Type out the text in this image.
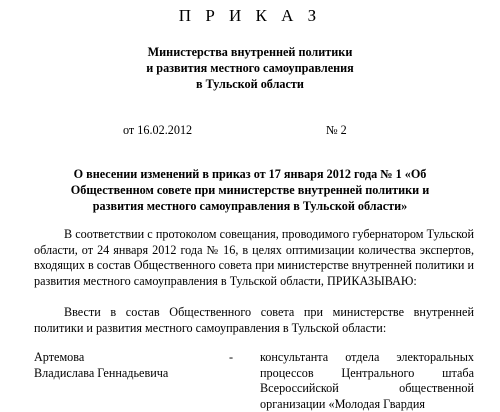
П Р И К А З
Министерства внутренней политики
и развития местного самоуправления
в Тульской области
от 16.02.2012	№ 2
О внесении изменений в приказ от 17 января 2012 года № 1 «Об
Общественном совете при министерстве внутренней политики и
развития местного самоуправления в Тульской области»

В соответствии с протоколом совещания, проводимого губернатором Тульской области, от 24 января 2012 года № 16, в целях оптимизации количества экспертов, входящих в состав Общественного совета при министерстве внутренней политики и развития местного самоуправления в Тульской области, ПРИКАЗЫВАЮ:

Ввести в состав Общественного совета при министерстве внутренней политики и развития местного самоуправления в Тульской области:

Артемова
Владислава Геннадьевича
- консультанта отдела электоральных процессов Центрального штаба Всероссийской общественной организации «Молодая Гвардия
